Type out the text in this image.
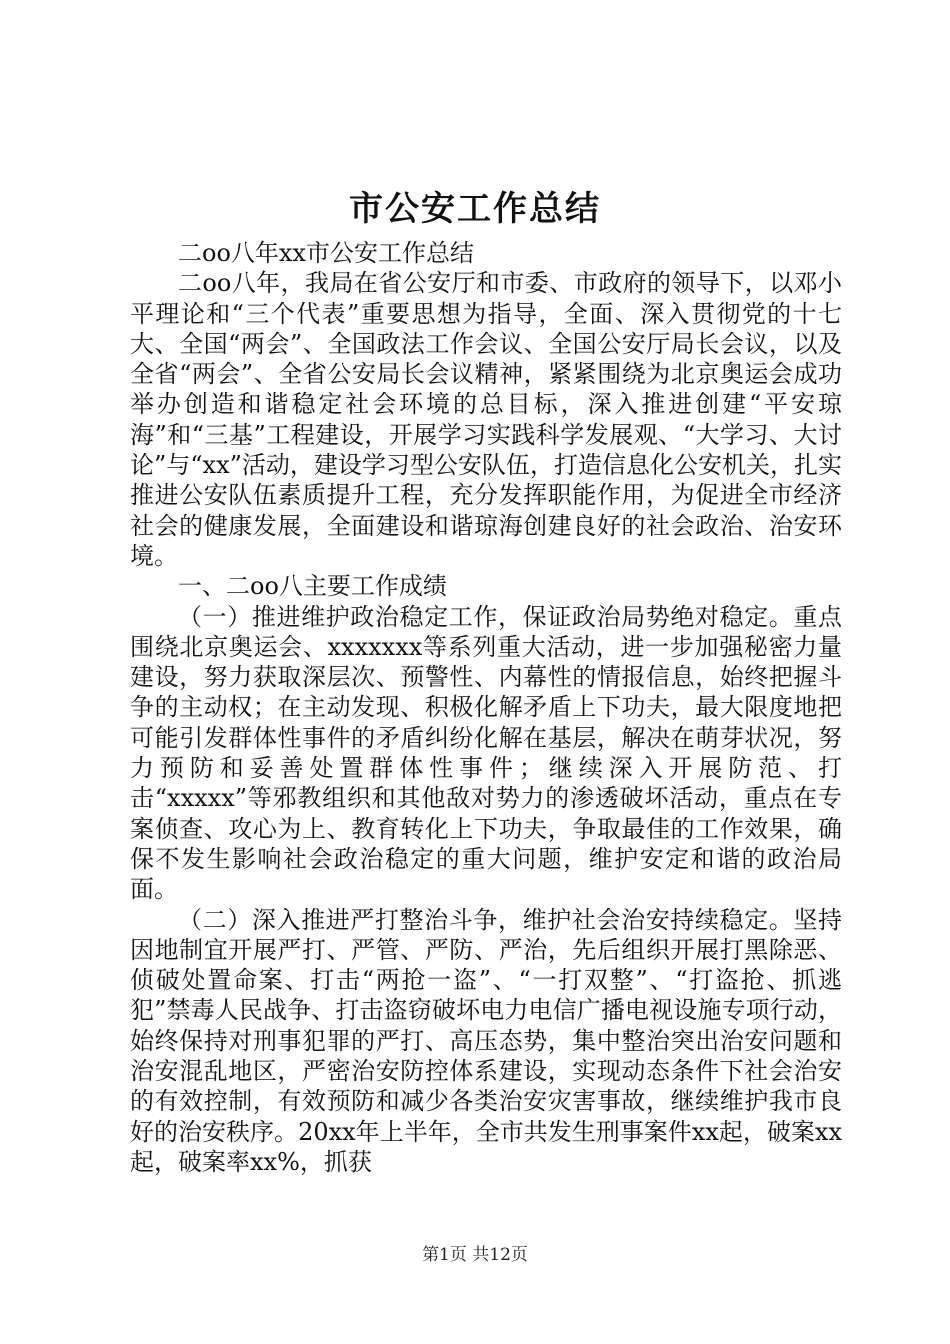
市公安工作总结

二oo八年xx市公安工作总结

二oo八年，我局在省公安厅和市委、市政府的领导下，以邓小平理论和“三个代表”重要思想为指导，全面、深入贯彻党的十七大、全国“两会”、全国政法工作会议、全国公安厅局长会议，以及全省“两会”、全省公安局长会议精神，紧紧围绕为北京奥运会成功举办创造和谐稳定社会环境的总目标，深入推进创建“平安琼海”和“三基”工程建设，开展学习实践科学发展观、“大学习、大讨论”与“xx”活动，建设学习型公安队伍，打造信息化公安机关，扎实推进公安队伍素质提升工程，充分发挥职能作用，为促进全市经济社会的健康发展，全面建设和谐琼海创建良好的社会政治、治安环境。

一、二oo八主要工作成绩

（一）推进维护政治稳定工作，保证政治局势绝对稳定。重点围绕北京奥运会、xxxxxxx等系列重大活动，进一步加强秘密力量建设，努力获取深层次、预警性、内幕性的情报信息，始终把握斗争的主动权；在主动发现、积极化解矛盾上下功夫，最大限度地把可能引发群体性事件的矛盾纠纷化解在基层，解决在萌芽状况，努力预防和妥善处置群体性事件；继续深入开展防范、打击“xxxxx”等邪教组织和其他敌对势力的渗透破坏活动，重点在专案侦查、攻心为上、教育转化上下功夫，争取最佳的工作效果，确保不发生影响社会政治稳定的重大问题，维护安定和谐的政治局面。

（二）深入推进严打整治斗争，维护社会治安持续稳定。坚持因地制宜开展严打、严管、严防、严治，先后组织开展打黑除恶、侦破处置命案、打击“两抢一盗”、“一打双整”、“打盗抢、抓逃犯”禁毒人民战争、打击盗窃破坏电力电信广播电视设施专项行动，始终保持对刑事犯罪的严打、高压态势，集中整治突出治安问题和治安混乱地区，严密治安防控体系建设，实现动态条件下社会治安的有效控制，有效预防和减少各类治安灾害事故，继续维护我市良好的治安秩序。20xx年上半年，全市共发生刑事案件xx起，破案xx起，破案率xx%，抓获

第1页 共12页
